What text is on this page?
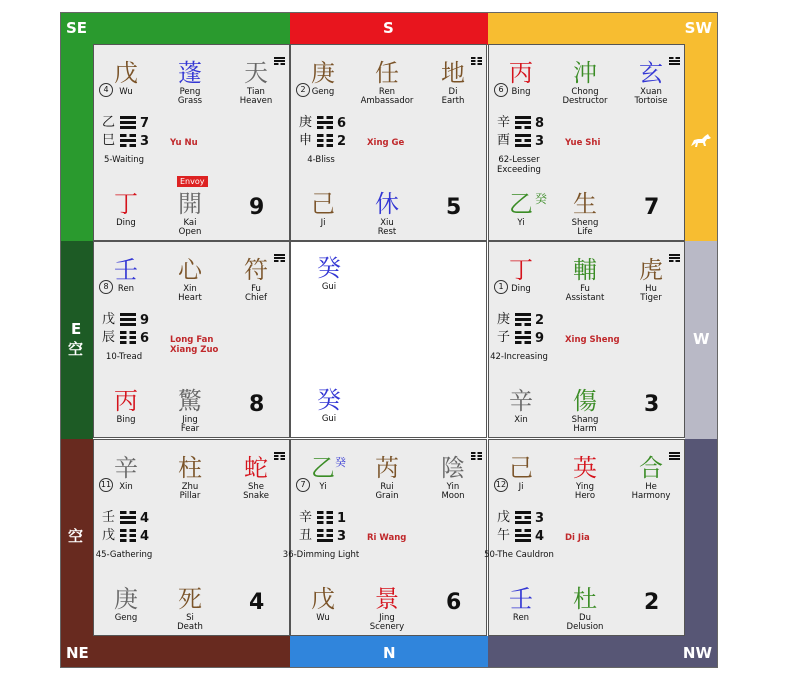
SE	S	SW
E
空
W
空
NE	N	NW
戊
Wu
4
蓬
Peng
Grass
天
Tian
Heaven
乙 7
巳 3
5-Waiting
Yu Nu
Envoy
丁
Ding
開
Kai
Open
9
庚
Geng
2
任
Ren
Ambassador
地
Di
Earth
庚 6
申 2
4-Bliss
Xing Ge
己
Ji
休
Xiu
Rest
5
丙
Bing
6
沖
Chong
Destructor
玄
Xuan
Tortoise
辛 8
酉 3
62-Lesser Exceeding
Yue Shi
乙
Yi
癸	生
Sheng
Life
7
壬
Ren
8
心
Xin
Heart
符
Fu
Chief
戊 9
辰 6
10-Tread
Long Fan
Xiang Zuo
丙
Bing
驚
Jing
Fear
8
癸
Gui
癸
Gui
丁
Ding
1
輔
Fu
Assistant
虎
Hu
Tiger
庚 2
子 9
42-Increasing
Xing Sheng
辛
Xin
傷
Shang
Harm
3
辛
Xin
11
柱
Zhu
Pillar
蛇
She
Snake
壬 4
戊 4
45-Gathering
庚
Geng
死
Si
Death
4
乙
Yi
7
芮
Rui
Grain
陰
Yin
Moon
癸
辛 1
丑 3
36-Dimming Light
Ri Wang
戊
Wu
景
Jing
Scenery
6
己
Ji
12
英
Ying
Hero
合
He
Harmony
戊 3
午 4
50-The Cauldron
Di Jia
壬
Ren
杜
Du
Delusion
2
